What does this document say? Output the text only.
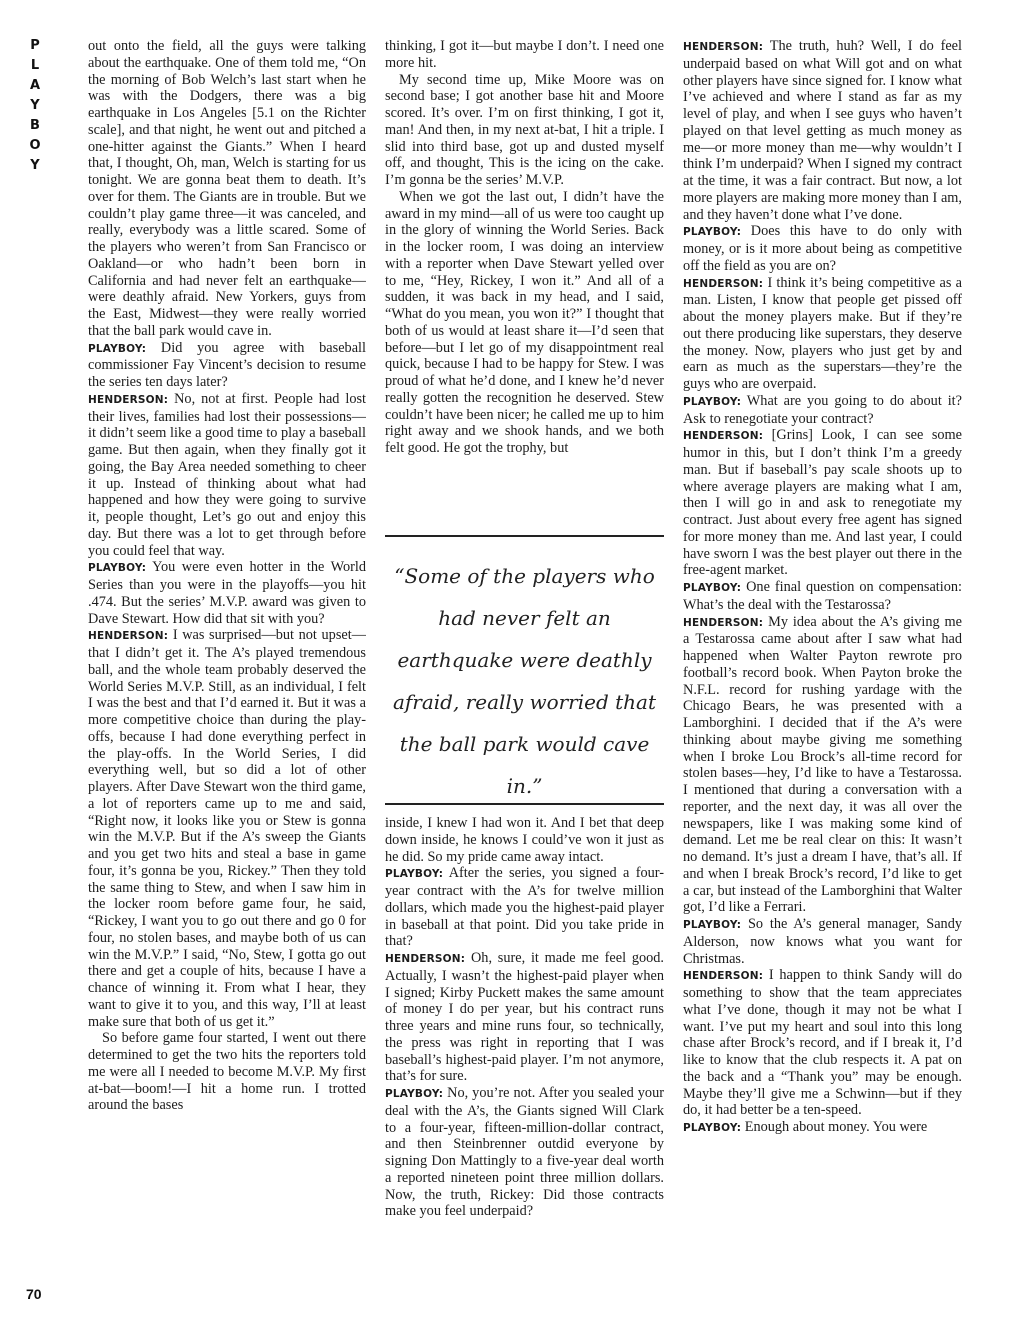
P
L
A
Y
B
O
Y
70

out onto the field, all the guys were talking about the earthquake. One of them told me, “On the morning of Bob Welch’s last start when he was with the Dodgers, there was a big earthquake in Los Angeles [5.1 on the Richter scale], and that night, he went out and pitched a one-hitter against the Giants.” When I heard that, I thought, Oh, man, Welch is starting for us tonight. We are gonna beat them to death. It’s over for them. The Giants are in trouble. But we couldn’t play game three—it was canceled, and really, everybody was a little scared. Some of the players who weren’t from San Francisco or Oakland—or who hadn’t been born in California and had never felt an earthquake—were deathly afraid. New Yorkers, guys from the East, Midwest—they were really worried that the ball park would cave in.

PLAYBOY: Did you agree with baseball commissioner Fay Vincent’s decision to resume the series ten days later?

HENDERSON: No, not at first. People had lost their lives, families had lost their possessions—it didn’t seem like a good time to play a baseball game. But then again, when they finally got it going, the Bay Area needed something to cheer it up. Instead of thinking about what had happened and how they were going to survive it, people thought, Let’s go out and enjoy this day. But there was a lot to get through before you could feel that way.

PLAYBOY: You were even hotter in the World Series than you were in the playoffs—you hit .474. But the series’ M.V.P. award was given to Dave Stewart. How did that sit with you?

HENDERSON: I was surprised—but not upset—that I didn’t get it. The A’s played tremendous ball, and the whole team probably deserved the World Series M.V.P. Still, as an individual, I felt I was the best and that I’d earned it. But it was a more competitive choice than during the play-offs, because I had done everything perfect in the play-offs. In the World Series, I did everything well, but so did a lot of other players. After Dave Stewart won the third game, a lot of reporters came up to me and said, “Right now, it looks like you or Stew is gonna win the M.V.P. But if the A’s sweep the Giants and you get two hits and steal a base in game four, it’s gonna be you, Rickey.” Then they told the same thing to Stew, and when I saw him in the locker room before game four, he said, “Rickey, I want you to go out there and go 0 for four, no stolen bases, and maybe both of us can win the M.V.P.” I said, “No, Stew, I gotta go out there and get a couple of hits, because I have a chance of winning it. From what I hear, they want to give it to you, and this way, I’ll at least make sure that both of us get it.”

So before game four started, I went out there determined to get the two hits the reporters told me were all I needed to become M.V.P. My first at-bat—boom!—I hit a home run. I trotted around the bases

thinking, I got it—but maybe I don’t. I need one more hit.

My second time up, Mike Moore was on second base; I got another base hit and Moore scored. It’s over. I’m on first thinking, I got it, man! And then, in my next at-bat, I hit a triple. I slid into third base, got up and dusted myself off, and thought, This is the icing on the cake. I’m gonna be the series’ M.V.P.

When we got the last out, I didn’t have the award in my mind—all of us were too caught up in the glory of winning the World Series. Back in the locker room, I was doing an interview with a reporter when Dave Stewart yelled over to me, “Hey, Rickey, I won it.” And all of a sudden, it was back in my head, and I said, “What do you mean, you won it?” I thought that both of us would at least share it—I’d seen that before—but I let go of my disappointment real quick, because I had to be happy for Stew. I was proud of what he’d done, and I knew he’d never really gotten the recognition he deserved. Stew couldn’t have been nicer; he called me up to him right away and we shook hands, and we both felt good. He got the trophy, but

“Some of the players who had never felt an earthquake were deathly afraid, really worried that the ball park would cave in.”

inside, I knew I had won it. And I bet that deep down inside, he knows I could’ve won it just as he did. So my pride came away intact.

PLAYBOY: After the series, you signed a four-year contract with the A’s for twelve million dollars, which made you the highest-paid player in baseball at that point. Did you take pride in that?

HENDERSON: Oh, sure, it made me feel good. Actually, I wasn’t the highest-paid player when I signed; Kirby Puckett makes the same amount of money I do per year, but his contract runs three years and mine runs four, so technically, the press was right in reporting that I was baseball’s highest-paid player. I’m not anymore, that’s for sure.

PLAYBOY: No, you’re not. After you sealed your deal with the A’s, the Giants signed Will Clark to a four-year, fifteen-million-dollar contract, and then Steinbrenner outdid everyone by signing Don Mattingly to a five-year deal worth a reported nineteen point three million dollars. Now, the truth, Rickey: Did those contracts make you feel underpaid?

HENDERSON: The truth, huh? Well, I do feel underpaid based on what Will got and on what other players have since signed for. I know what I’ve achieved and where I stand as far as my level of play, and when I see guys who haven’t played on that level getting as much money as me—or more money than me—why wouldn’t I think I’m underpaid? When I signed my contract at the time, it was a fair contract. But now, a lot more players are making more money than I am, and they haven’t done what I’ve done.

PLAYBOY: Does this have to do only with money, or is it more about being as competitive off the field as you are on?

HENDERSON: I think it’s being competitive as a man. Listen, I know that people get pissed off about the money players make. But if they’re out there producing like superstars, they deserve the money. Now, players who just get by and earn as much as the superstars—they’re the guys who are overpaid.

PLAYBOY: What are you going to do about it? Ask to renegotiate your contract?

HENDERSON: [Grins] Look, I can see some humor in this, but I don’t think I’m a greedy man. But if baseball’s pay scale shoots up to where average players are making what I am, then I will go in and ask to renegotiate my contract. Just about every free agent has signed for more money than me. And last year, I could have sworn I was the best player out there in the free-agent market.

PLAYBOY: One final question on compensation: What’s the deal with the Testarossa?

HENDERSON: My idea about the A’s giving me a Testarossa came about after I saw what had happened when Walter Payton rewrote pro football’s record book. When Payton broke the N.F.L. record for rushing yardage with the Chicago Bears, he was presented with a Lamborghini. I decided that if the A’s were thinking about maybe giving me something when I broke Lou Brock’s all-time record for stolen bases—hey, I’d like to have a Testarossa. I mentioned that during a conversation with a reporter, and the next day, it was all over the newspapers, like I was making some kind of demand. Let me be real clear on this: It wasn’t no demand. It’s just a dream I have, that’s all. If and when I break Brock’s record, I’d like to get a car, but instead of the Lamborghini that Walter got, I’d like a Ferrari.

PLAYBOY: So the A’s general manager, Sandy Alderson, now knows what you want for Christmas.

HENDERSON: I happen to think Sandy will do something to show that the team appreciates what I’ve done, though it may not be what I want. I’ve put my heart and soul into this long chase after Brock’s record, and if I break it, I’d like to know that the club respects it. A pat on the back and a “Thank you” may be enough. Maybe they’ll give me a Schwinn—but if they do, it had better be a ten-speed.

PLAYBOY: Enough about money. You were
